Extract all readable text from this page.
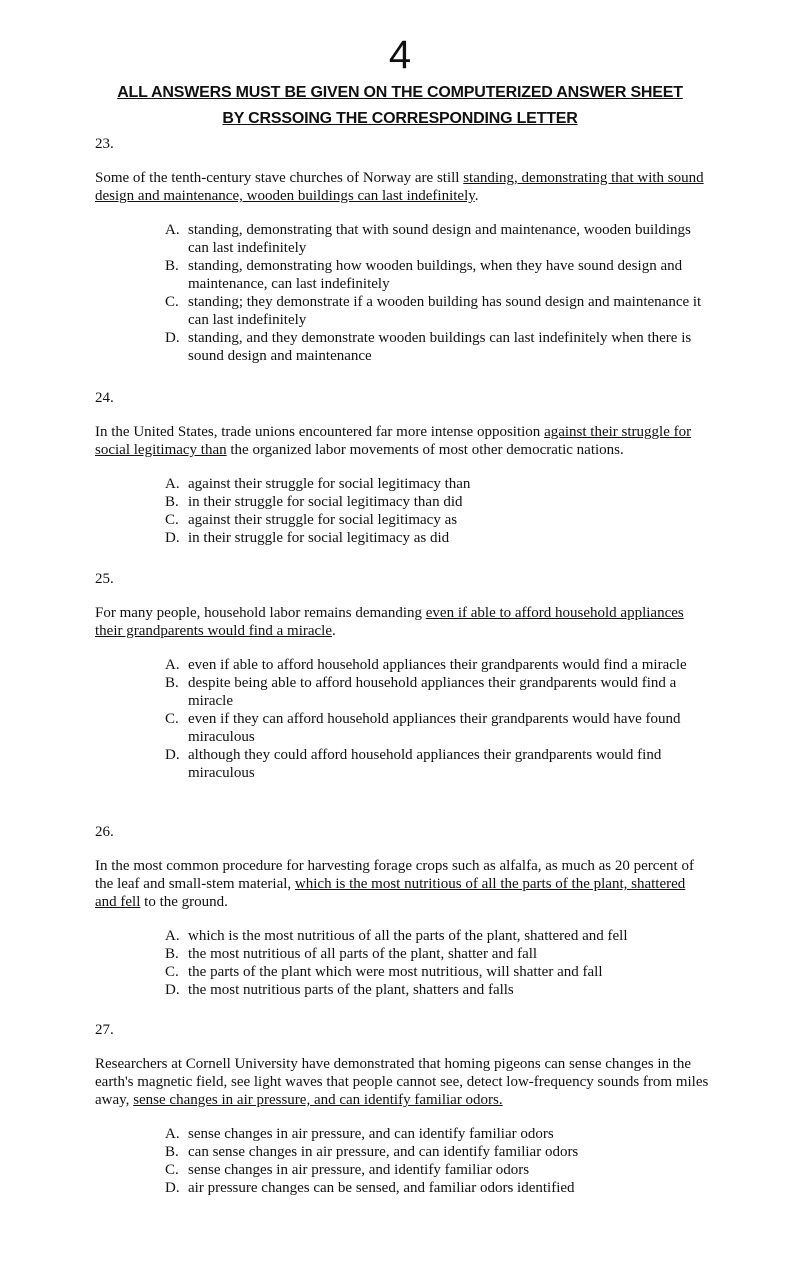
4
ALL ANSWERS MUST BE GIVEN ON THE COMPUTERIZED ANSWER SHEET
BY CRSSOING THE CORRESPONDING LETTER
23.
Some of the tenth-century stave churches of Norway are still standing, demonstrating that with sound design and maintenance, wooden buildings can last indefinitely.
A. standing, demonstrating that with sound design and maintenance, wooden buildings can last indefinitely
B. standing, demonstrating how wooden buildings, when they have sound design and maintenance, can last indefinitely
C. standing; they demonstrate if a wooden building has sound design and maintenance it can last indefinitely
D. standing, and they demonstrate wooden buildings can last indefinitely when there is sound design and maintenance
24.
In the United States, trade unions encountered far more intense opposition against their struggle for social legitimacy than the organized labor movements of most other democratic nations.
A. against their struggle for social legitimacy than
B. in their struggle for social legitimacy than did
C. against their struggle for social legitimacy as
D. in their struggle for social legitimacy as did
25.
For many people, household labor remains demanding even if able to afford household appliances their grandparents would find a miracle.
A. even if able to afford household appliances their grandparents would find a miracle
B. despite being able to afford household appliances their grandparents would find a miracle
C. even if they can afford household appliances their grandparents would have found miraculous
D. although they could afford household appliances their grandparents would find miraculous
26.
In the most common procedure for harvesting forage crops such as alfalfa, as much as 20 percent of the leaf and small-stem material, which is the most nutritious of all the parts of the plant, shattered and fell to the ground.
A. which is the most nutritious of all the parts of the plant, shattered and fell
B. the most nutritious of all parts of the plant, shatter and fall
C. the parts of the plant which were most nutritious, will shatter and fall
D. the most nutritious parts of the plant, shatters and falls
27.
Researchers at Cornell University have demonstrated that homing pigeons can sense changes in the earth's magnetic field, see light waves that people cannot see, detect low-frequency sounds from miles away, sense changes in air pressure, and can identify familiar odors.
A. sense changes in air pressure, and can identify familiar odors
B. can sense changes in air pressure, and can identify familiar odors
C. sense changes in air pressure, and identify familiar odors
D. air pressure changes can be sensed, and familiar odors identified
